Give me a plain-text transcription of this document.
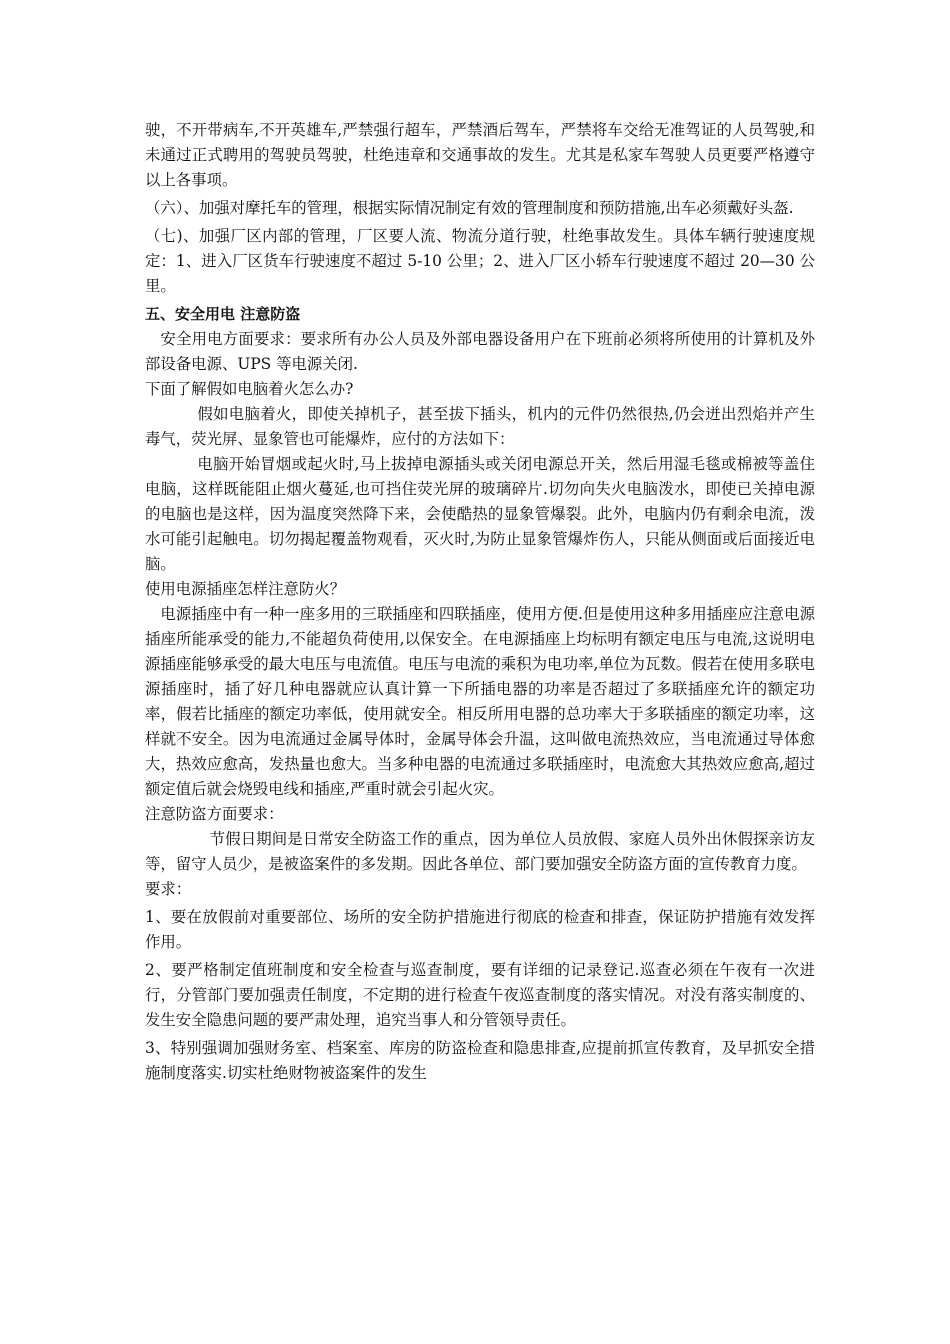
驶，不开带病车,不开英雄车,严禁强行超车，严禁酒后驾车，严禁将车交给无准驾证的人员驾驶,和未通过正式聘用的驾驶员驾驶，杜绝违章和交通事故的发生。尤其是私家车驾驶人员更要严格遵守以上各事项。

（六）、加强对摩托车的管理，根据实际情况制定有效的管理制度和预防措施,出车必须戴好头盔.

（七)、加强厂区内部的管理，厂区要人流、物流分道行驶，杜绝事故发生。具体车辆行驶速度规定：1、进入厂区货车行驶速度不超过 5-10 公里；2、进入厂区小轿车行驶速度不超过 20—30 公里。

五、安全用电 注意防盗

安全用电方面要求：要求所有办公人员及外部电器设备用户在下班前必须将所使用的计算机及外部设备电源、UPS 等电源关闭.

下面了解假如电脑着火怎么办?

假如电脑着火，即使关掉机子，甚至拔下插头，机内的元件仍然很热,仍会迸出烈焰并产生毒气，荧光屏、显象管也可能爆炸，应付的方法如下：

电脑开始冒烟或起火时,马上拔掉电源插头或关闭电源总开关，然后用湿毛毯或棉被等盖住电脑，这样既能阻止烟火蔓延,也可挡住荧光屏的玻璃碎片.切勿向失火电脑泼水，即使已关掉电源的电脑也是这样，因为温度突然降下来，会使酷热的显象管爆裂。此外，电脑内仍有剩余电流，泼水可能引起触电。切勿揭起覆盖物观看，灭火时,为防止显象管爆炸伤人，只能从侧面或后面接近电脑。

使用电源插座怎样注意防火？

电源插座中有一种一座多用的三联插座和四联插座，使用方便.但是使用这种多用插座应注意电源插座所能承受的能力,不能超负荷使用,以保安全。在电源插座上均标明有额定电压与电流,这说明电源插座能够承受的最大电压与电流值。电压与电流的乘积为电功率,单位为瓦数。假若在使用多联电源插座时，插了好几种电器就应认真计算一下所插电器的功率是否超过了多联插座允许的额定功率，假若比插座的额定功率低，使用就安全。相反所用电器的总功率大于多联插座的额定功率，这样就不安全。因为电流通过金属导体时，金属导体会升温，这叫做电流热效应，当电流通过导体愈大，热效应愈高，发热量也愈大。当多种电器的电流通过多联插座时，电流愈大其热效应愈高,超过额定值后就会烧毁电线和插座,严重时就会引起火灾。

注意防盗方面要求：

节假日期间是日常安全防盗工作的重点，因为单位人员放假、家庭人员外出休假探亲访友等，留守人员少，是被盗案件的多发期。因此各单位、部门要加强安全防盗方面的宣传教育力度。

要求：

1、要在放假前对重要部位、场所的安全防护措施进行彻底的检查和排查，保证防护措施有效发挥作用。

2、要严格制定值班制度和安全检查与巡查制度，要有详细的记录登记.巡查必须在午夜有一次进行，分管部门要加强责任制度，不定期的进行检查午夜巡查制度的落实情况。对没有落实制度的、发生安全隐患问题的要严肃处理，追究当事人和分管领导责任。

3、特别强调加强财务室、档案室、库房的防盗检查和隐患排查,应提前抓宣传教育，及早抓安全措施制度落实.切实杜绝财物被盗案件的发生
